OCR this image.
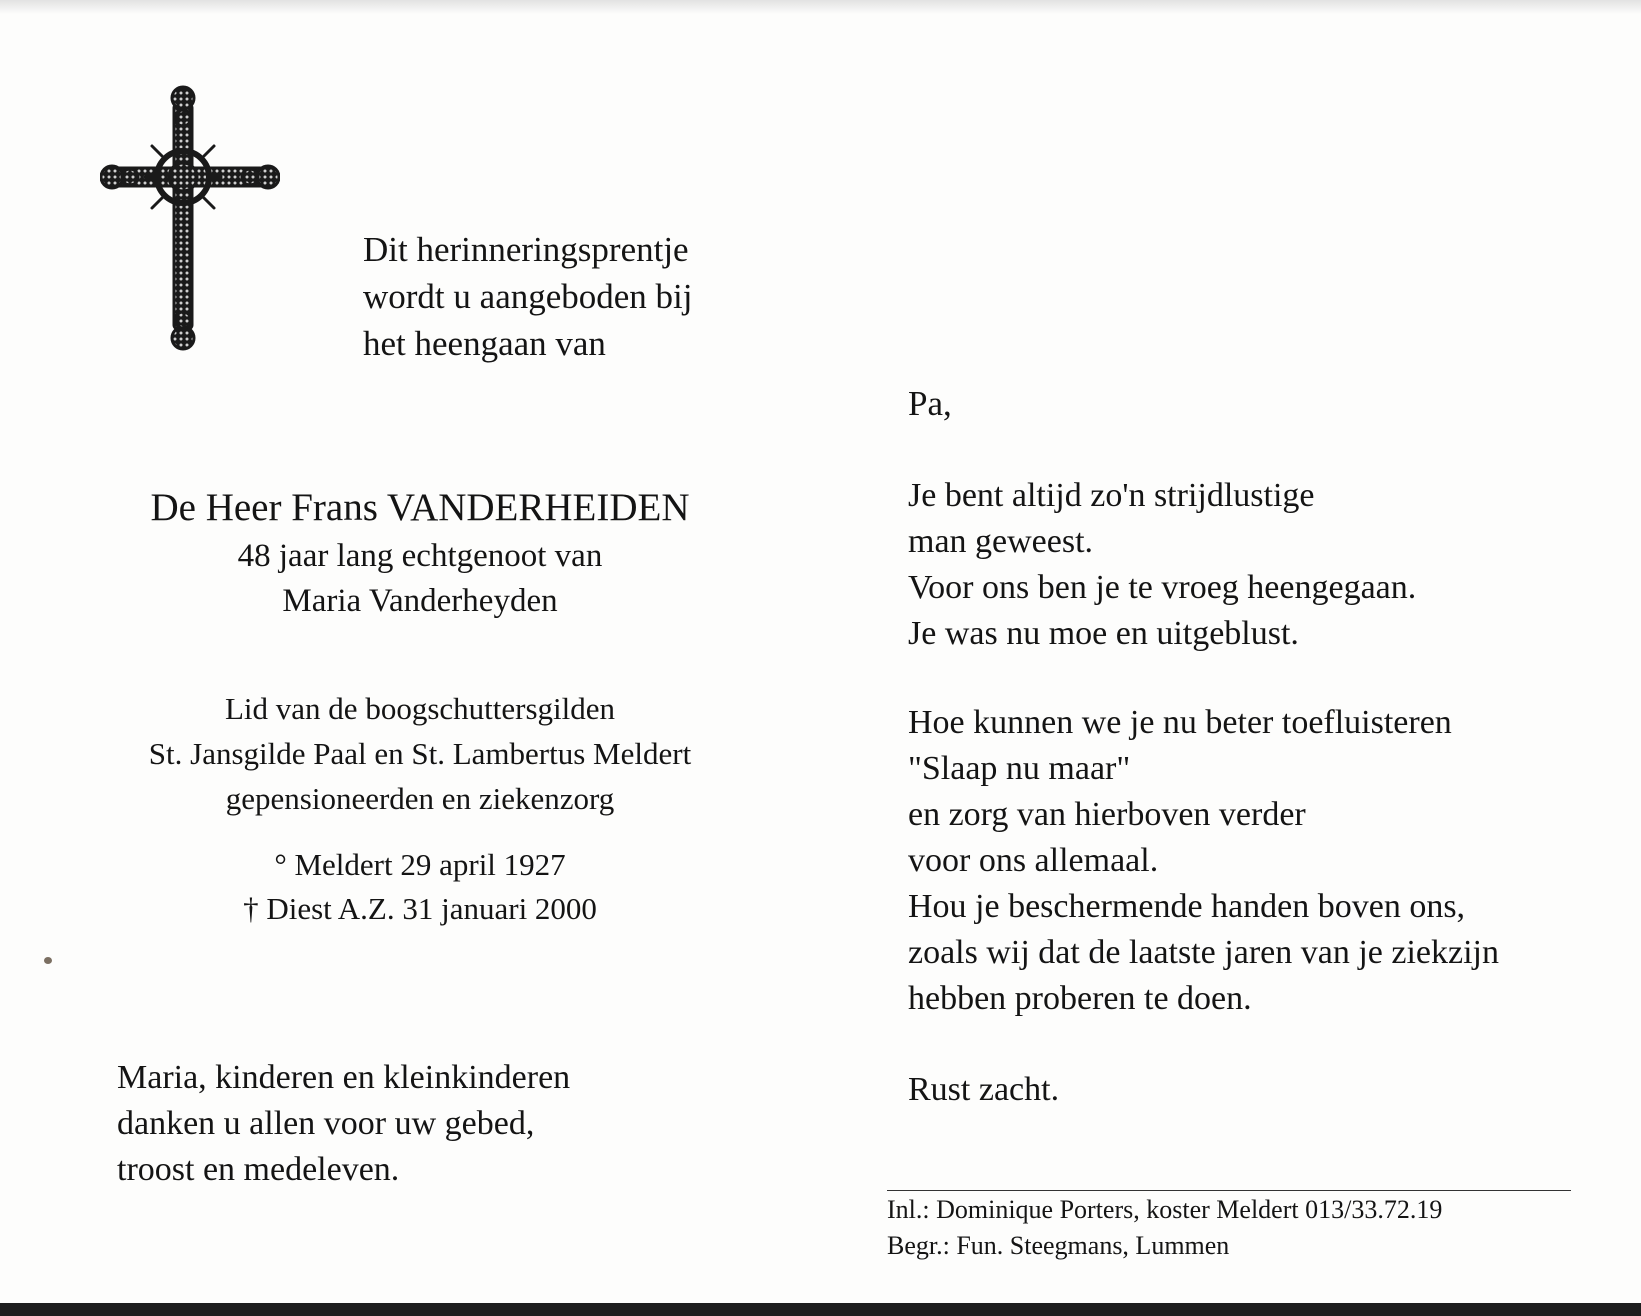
Dit herinneringsprentje
wordt u aangeboden bij
het heengaan van
De Heer Frans VANDERHEIDEN
48 jaar lang echtgenoot van
Maria Vanderheyden
Lid van de boogschuttersgilden
St. Jansgilde Paal en St. Lambertus Meldert
gepensioneerden en ziekenzorg
° Meldert 29 april 1927
† Diest A.Z. 31 januari 2000
Maria, kinderen en kleinkinderen
danken u allen voor uw gebed,
troost en medeleven.
Pa,
Je bent altijd zo'n strijdlustige
man geweest.
Voor ons ben je te vroeg heengegaan.
Je was nu moe en uitgeblust.
Hoe kunnen we je nu beter toefluisteren
"Slaap nu maar"
en zorg van hierboven verder
voor ons allemaal.
Hou je beschermende handen boven ons,
zoals wij dat de laatste jaren van je ziekzijn
hebben proberen te doen.
Rust zacht.
Inl.: Dominique Porters, koster Meldert 013/33.72.19
Begr.: Fun. Steegmans, Lummen
